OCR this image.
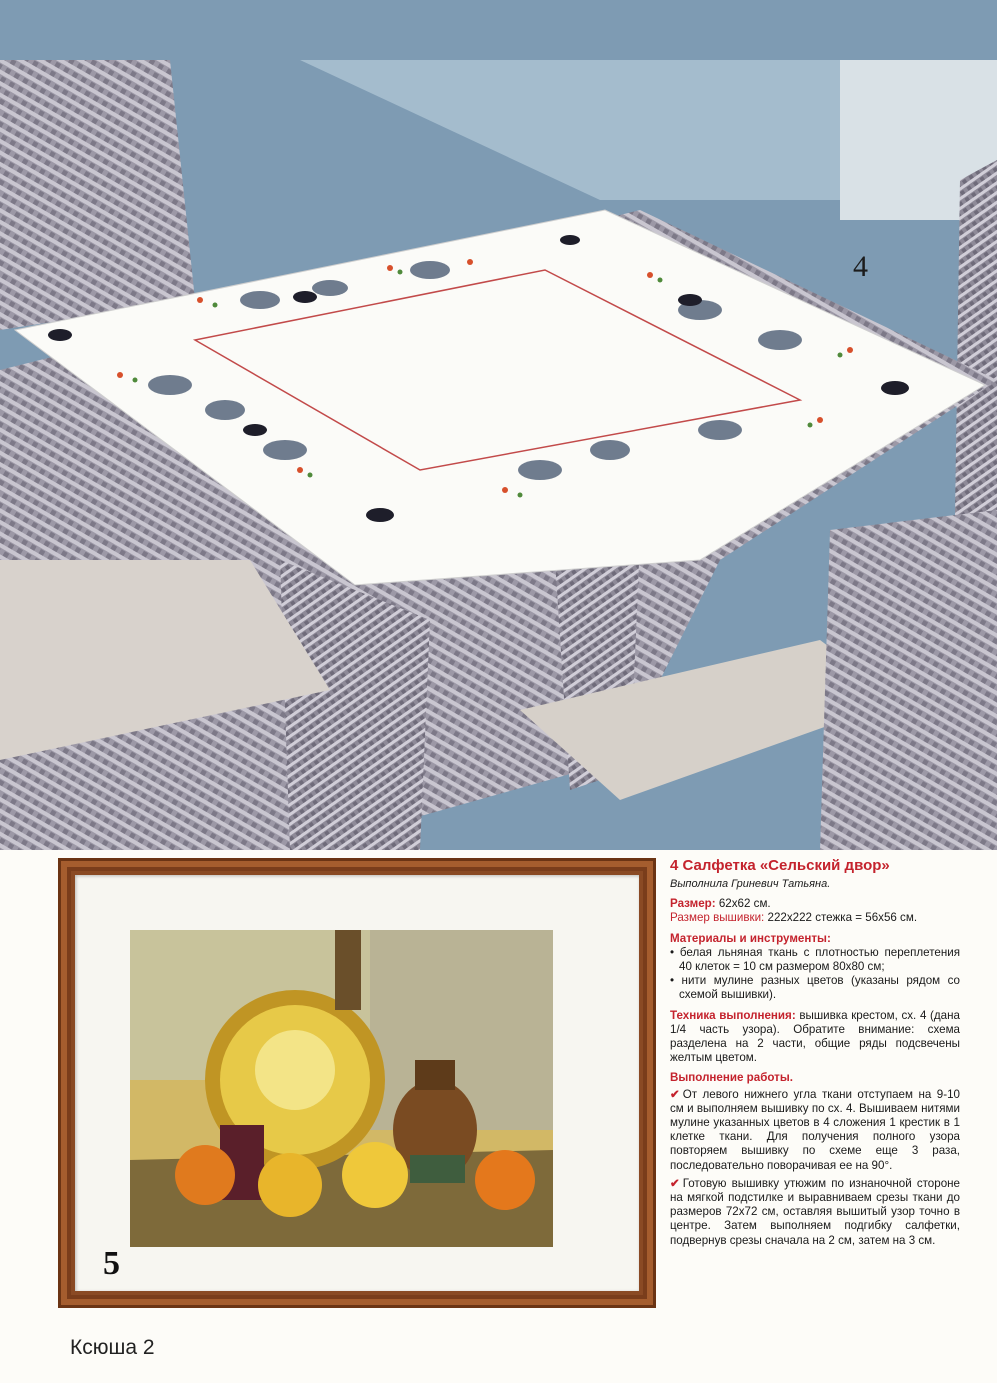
4
5

4 Салфетка «Сельский двор»

Выполнила Гриневич Татьяна.

Размер: 62x62 см.

Размер вышивки: 222x222 стежка = 56x56 см.

Материалы и инструменты:

• белая льняная ткань с плотностью переплетения 40 клеток = 10 см размером 80x80 см;
• нити мулине разных цветов (указаны рядом со схемой вышивки).

Техника выполнения: вышивка крестом, сх. 4 (дана 1/4 часть узора). Обратите внимание: схема разделена на 2 части, общие ряды подсвечены желтым цветом.

Выполнение работы.

✔ От левого нижнего угла ткани отступаем на 9-10 см и выполняем вышивку по сх. 4. Вышиваем нитями мулине указанных цветов в 4 сложения 1 крестик в 1 клетке ткани. Для получения полного узора повторяем вышивку по схеме еще 3 раза, последовательно поворачивая ее на 90°.

✔ Готовую вышивку утюжим по изнаночной стороне на мягкой подстилке и выравниваем срезы ткани до размеров 72x72 см, оставляя вышитый узор точно в центре. Затем выполняем подгибку салфетки, подвернув срезы сначала на 2 см, затем на 3 см.

Ксюша 2
